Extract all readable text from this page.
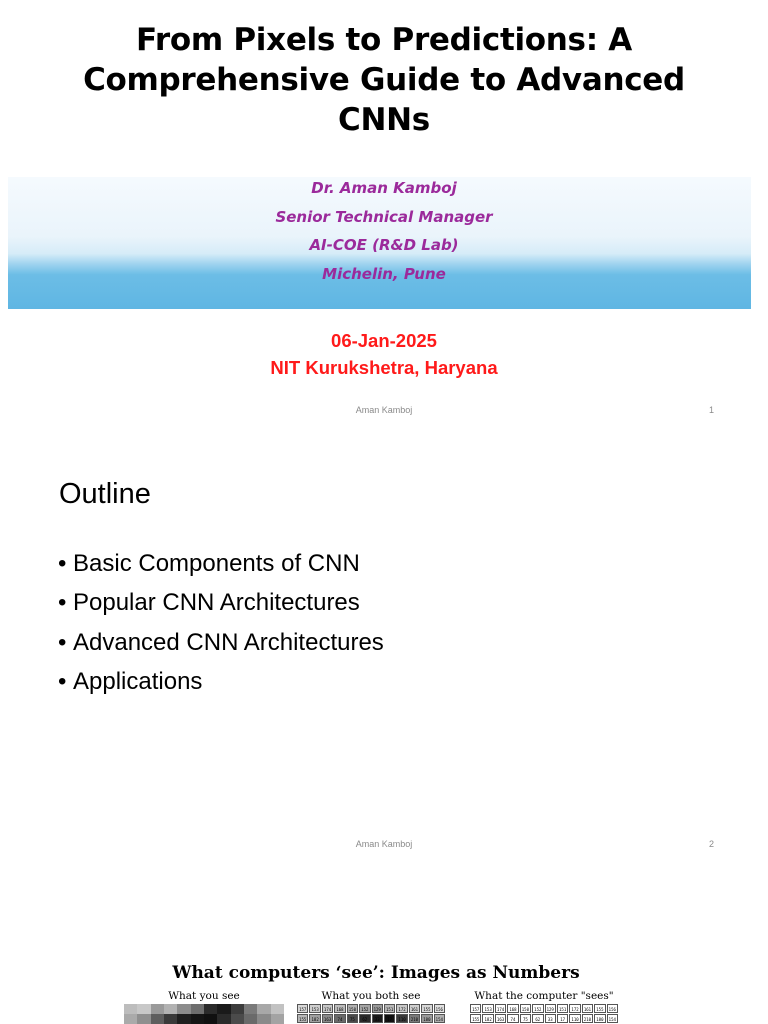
From Pixels to Predictions: A
Comprehensive Guide to Advanced
CNNs
Dr. Aman Kamboj
Senior Technical Manager
AI-COE (R&D Lab)
Michelin, Pune
06-Jan-2025
NIT Kurukshetra, Haryana
Aman Kamboj	1
Outline
• Basic Components of CNN
• Popular CNN Architectures
• Advanced CNN Architectures
• Applications
Aman Kamboj	2
What computers ‘see’: Images as Numbers
What you see	What you both see	What the computer "sees"
157	153	174	168	150	152	129	151	172	161	155	156
155	182	163	74	75	62	33	17	110	210	180	154
157	153	174	168	150	152	129	151	172	161	155	156
155	182	163	74	75	62	33	17	110	210	180	154
